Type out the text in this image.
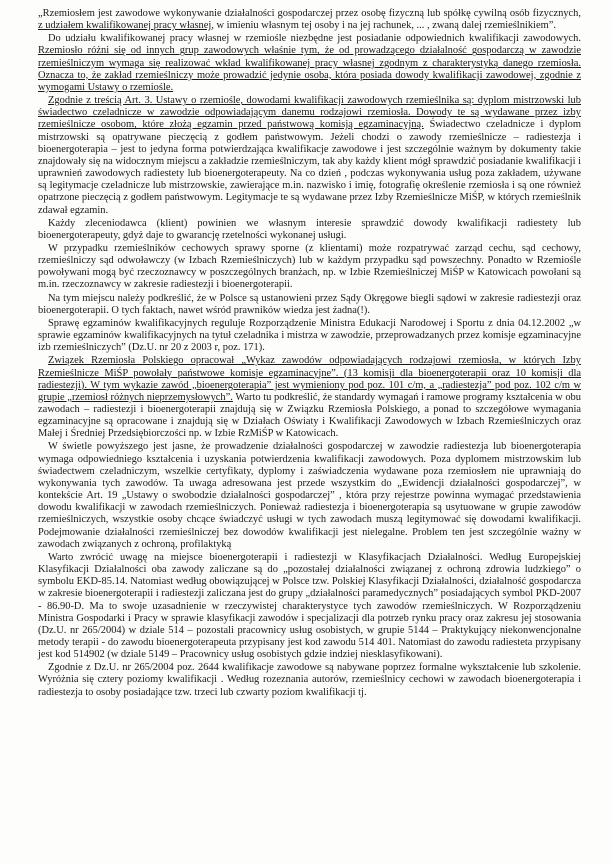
„Rzemiosłem jest zawodowe wykonywanie działalności gospodarczej przez osobę fizyczną lub spółkę cywilną osób fizycznych, z udziałem kwalifikowanej pracy własnej, w imieniu własnym tej osoby i na jej rachunek, ... , zwaną dalej rzemieślnikiem”.

Do udziału kwalifikowanej pracy własnej w rzemiośle niezbędne jest posiadanie odpowiednich kwalifikacji zawodowych. Rzemiosło różni się od innych grup zawodowych właśnie tym, że od prowadzącego działalność gospodarczą w zawodzie rzemieślniczym wymaga się realizować wkład kwalifikowanej pracy własnej zgodnym z charakterystyką danego rzemiosła. Oznacza to, że zakład rzemieślniczy może prowadzić jedynie osoba, która posiada dowody kwalifikacji zawodowej, zgodnie z wymogami Ustawy o rzemiośle.

Zgodnie z treścią Art. 3. Ustawy o rzemiośle, dowodami kwalifikacji zawodowych rzemieślnika są: dyplom mistrzowski lub świadectwo czeladnicze w zawodzie odpowiadającym danemu rodzajowi rzemiosła. Dowody te są wydawane przez izby rzemieślnicze osobom, które złożą egzamin przed państwową komisją egzaminacyjną. Świadectwo czeladnicze i dyplom mistrzowski są opatrywane pieczęcią z godłem państwowym. Jeżeli chodzi o zawody rzemieślnicze – radiestezja i bioenergoterapia – jest to jedyna forma potwierdzająca kwalifikacje zawodowe i jest szczególnie ważnym by dokumenty takie znajdowały się na widocznym miejscu a zakładzie rzemieślniczym, tak aby każdy klient mógł sprawdzić posiadanie kwalifikacji i uprawnień zawodowych radiestety lub bioenergoterapeuty. Na co dzień , podczas wykonywania usług poza zakładem, używane są legitymacje czeladnicze lub mistrzowskie, zawierające m.in. nazwisko i imię, fotografię określenie rzemiosła i są one również opatrzone pieczęcią z godłem państwowym. Legitymacje te są wydawane przez Izby Rzemieślnicze MiŚP, w których rzemieślnik zdawał egzamin.

Każdy zleceniodawca (klient) powinien we własnym interesie sprawdzić dowody kwalifikacji radiestety lub bioenergoterapeuty, gdyż daje to gwarancję rzetelności wykonanej usługi.

W przypadku rzemieślników cechowych sprawy sporne (z klientami) może rozpatrywać zarząd cechu, sąd cechowy, rzemieślniczy sąd odwoławczy (w Izbach Rzemieślniczych) lub w każdym przypadku sąd powszechny. Ponadto w Rzemiośle powoływani mogą być rzeczoznawcy w poszczególnych branżach, np. w Izbie Rzemieślniczej MiŚP w Katowicach powołani są m.in. rzeczoznawcy w zakresie radiestezji i bioenergoterapii.

Na tym miejscu należy podkreślić, że w Polsce są ustanowieni przez Sądy Okręgowe biegli sądowi w zakresie radiestezji oraz bioenergoterapii. O tych faktach, nawet wśród prawników wiedza jest żadna(!).

Sprawę egzaminów kwalifikacyjnych reguluje Rozporządzenie Ministra Edukacji Narodowej i Sportu z dnia 04.12.2002 „w sprawie egzaminów kwalifikacyjnych na tytuł czeladnika i mistrza w zawodzie, przeprowadzanych przez komisje egzaminacyjne izb rzemieślniczych” (Dz.U. nr 20 z 2003 r, poz. 171).

Związek Rzemiosła Polskiego opracował „Wykaz zawodów odpowiadających rodzajowi rzemiosła, w których Izby Rzemieślnicze MiŚP powołały państwowe komisje egzaminacyjne”. (13 komisji dla bioenergoterapii oraz 10 komisji dla radiestezji). W tym wykazie zawód „bioenergoterapia” jest wymieniony pod poz. 101 c/m, a „radiestezja” pod poz. 102 c/m w grupie „rzemiosł różnych nieprzemysłowych”. Warto tu podkreślić, że standardy wymagań i ramowe programy kształcenia w obu zawodach – radiestezji i bioenergoterapii znajdują się w Związku Rzemiosła Polskiego, a ponad to szczegółowe wymagania egzaminacyjne są opracowane i znajdują się w Działach Oświaty i Kwalifikacji Zawodowych w Izbach Rzemieślniczych oraz Małej i Średniej Przedsiębiorczości np. w Izbie RzMiŚP w Katowicach.

W świetle powyższego jest jasne, że prowadzenie działalności gospodarczej w zawodzie radiestezja lub bioenergoterapia wymaga odpowiedniego kształcenia i uzyskania potwierdzenia kwalifikacji zawodowych. Poza dyplomem mistrzowskim lub świadectwem czeladniczym, wszelkie certyfikaty, dyplomy i zaświadczenia wydawane poza rzemiosłem nie uprawniają do wykonywania tych zawodów. Ta uwaga adresowana jest przede wszystkim do „Ewidencji działalności gospodarczej”, w kontekście Art. 19 „Ustawy o swobodzie działalności gospodarczej” , która przy rejestrze powinna wymagać przedstawienia dowodu kwalifikacji w zawodach rzemieślniczych. Ponieważ radiestezja i bioenergoterapia są usytuowane w grupie zawodów rzemieślniczych, wszystkie osoby chcące świadczyć usługi w tych zawodach muszą legitymować się dowodami kwalifikacji. Podejmowanie działalności rzemieślniczej bez dowodów kwalifikacji jest nielegalne. Problem ten jest szczególnie ważny w zawodach związanych z ochroną, profilaktyką

Warto zwrócić uwagę na miejsce bioenergoterapii i radiestezji w Klasyfikacjach Działalności. Według Europejskiej Klasyfikacji Działalności oba zawody zaliczane są do „pozostałej działalności związanej z ochroną zdrowia ludzkiego” o symbolu EKD-85.14. Natomiast według obowiązującej w Polsce tzw. Polskiej Klasyfikacji Działalności, działalność gospodarcza w zakresie bioenergoterapii i radiestezji zaliczana jest do grupy „działalności paramedycznych” posiadających symbol PKD-2007 - 86.90-D. Ma to swoje uzasadnienie w rzeczywistej charakterystyce tych zawodów rzemieślniczych. W Rozporządzeniu Ministra Gospodarki i Pracy w sprawie klasyfikacji zawodów i specjalizacji dla potrzeb rynku pracy oraz zakresu jej stosowania (Dz.U. nr 265/2004) w dziale 514 – pozostali pracownicy usług osobistych, w grupie 5144 – Praktykujący niekonwencjonalne metody terapii - do zawodu bioenergoterapeuta przypisany jest kod zawodu 514 401. Natomiast do zawodu radiesteta przypisany jest kod 514902 (w dziale 5149 – Pracownicy usług osobistych gdzie indziej niesklasyfikowani).

Zgodnie z Dz.U. nr 265/2004 poz. 2644 kwalifikacje zawodowe są nabywane poprzez formalne wykształcenie lub szkolenie. Wyróżnia się cztery poziomy kwalifikacji . Według rozeznania autorów, rzemieślnicy cechowi w zawodach bioenergoterapia i radiestezja to osoby posiadające tzw. trzeci lub czwarty poziom kwalifikacji tj.
